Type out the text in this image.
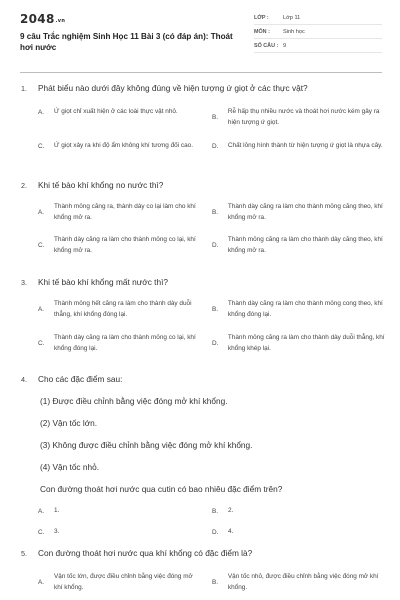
2048.vn
9 câu Trắc nghiệm Sinh Học 11 Bài 3 (có đáp án): Thoát hơi nước
LỚP :	Lớp 11
MÔN :	Sinh học
SỐ CÂU : 9
1.	Phát biểu nào dưới đây không đúng về hiện tượng ứ giọt ở các thực vật?
A.	Ứ giọt chỉ xuất hiện ở các loài thực vật nhỏ.
B.
Rễ hấp thụ nhiều nước và thoát hơi nước kém gây ra hiện tượng ứ giọt.
C.	Ứ giọt xảy ra khi độ ẩm không khí tương đối cao.	D.	Chất lỏng hình thành từ hiện tượng ứ giọt là nhựa cây.
2.	Khi tế bào khí khổng no nước thì?
A.
Thành mỏng căng ra, thành dày co lại làm cho khí khổng mở ra.
B.
Thành dày căng ra làm cho thành mỏng căng theo, khí khổng mở ra.
C.
Thành dày căng ra làm cho thành mỏng co lại, khí khổng mở ra.
D.
Thành mỏng căng ra làm cho thành dày căng theo, khí khổng mở ra.
3.	Khi tế bào khí khổng mất nước thì?
A.
Thành mỏng hết căng ra làm cho thành dày duỗi thẳng, khí khổng đóng lại.
B.
Thành dày căng ra làm cho thành mỏng cong theo, khí khổng đóng lại.
C.
Thành dày căng ra làm cho thành mỏng co lại, khí khổng đóng lại.
D.
Thành mỏng căng ra làm cho thành dày duỗi thẳng, khí khổng khép lại.
4.	Cho các đặc điểm sau:
(1) Được điều chỉnh bằng việc đóng mở khí khổng.
(2) Vận tốc lớn.
(3) Không được điều chỉnh bằng việc đóng mở khí khổng.
(4) Vận tốc nhỏ.
Con đường thoát hơi nước qua cutin có bao nhiêu đặc điểm trên?
A.	1.	B.	2.
C.	3.	D.	4.
5.	Con đường thoát hơi nước qua khí khổng có đặc điểm là?
A.
Vận tốc lớn, được điều chỉnh bằng việc đóng mở khí khổng.
B.
Vận tốc nhỏ, được điều chỉnh bằng việc đóng mở khí khổng.
